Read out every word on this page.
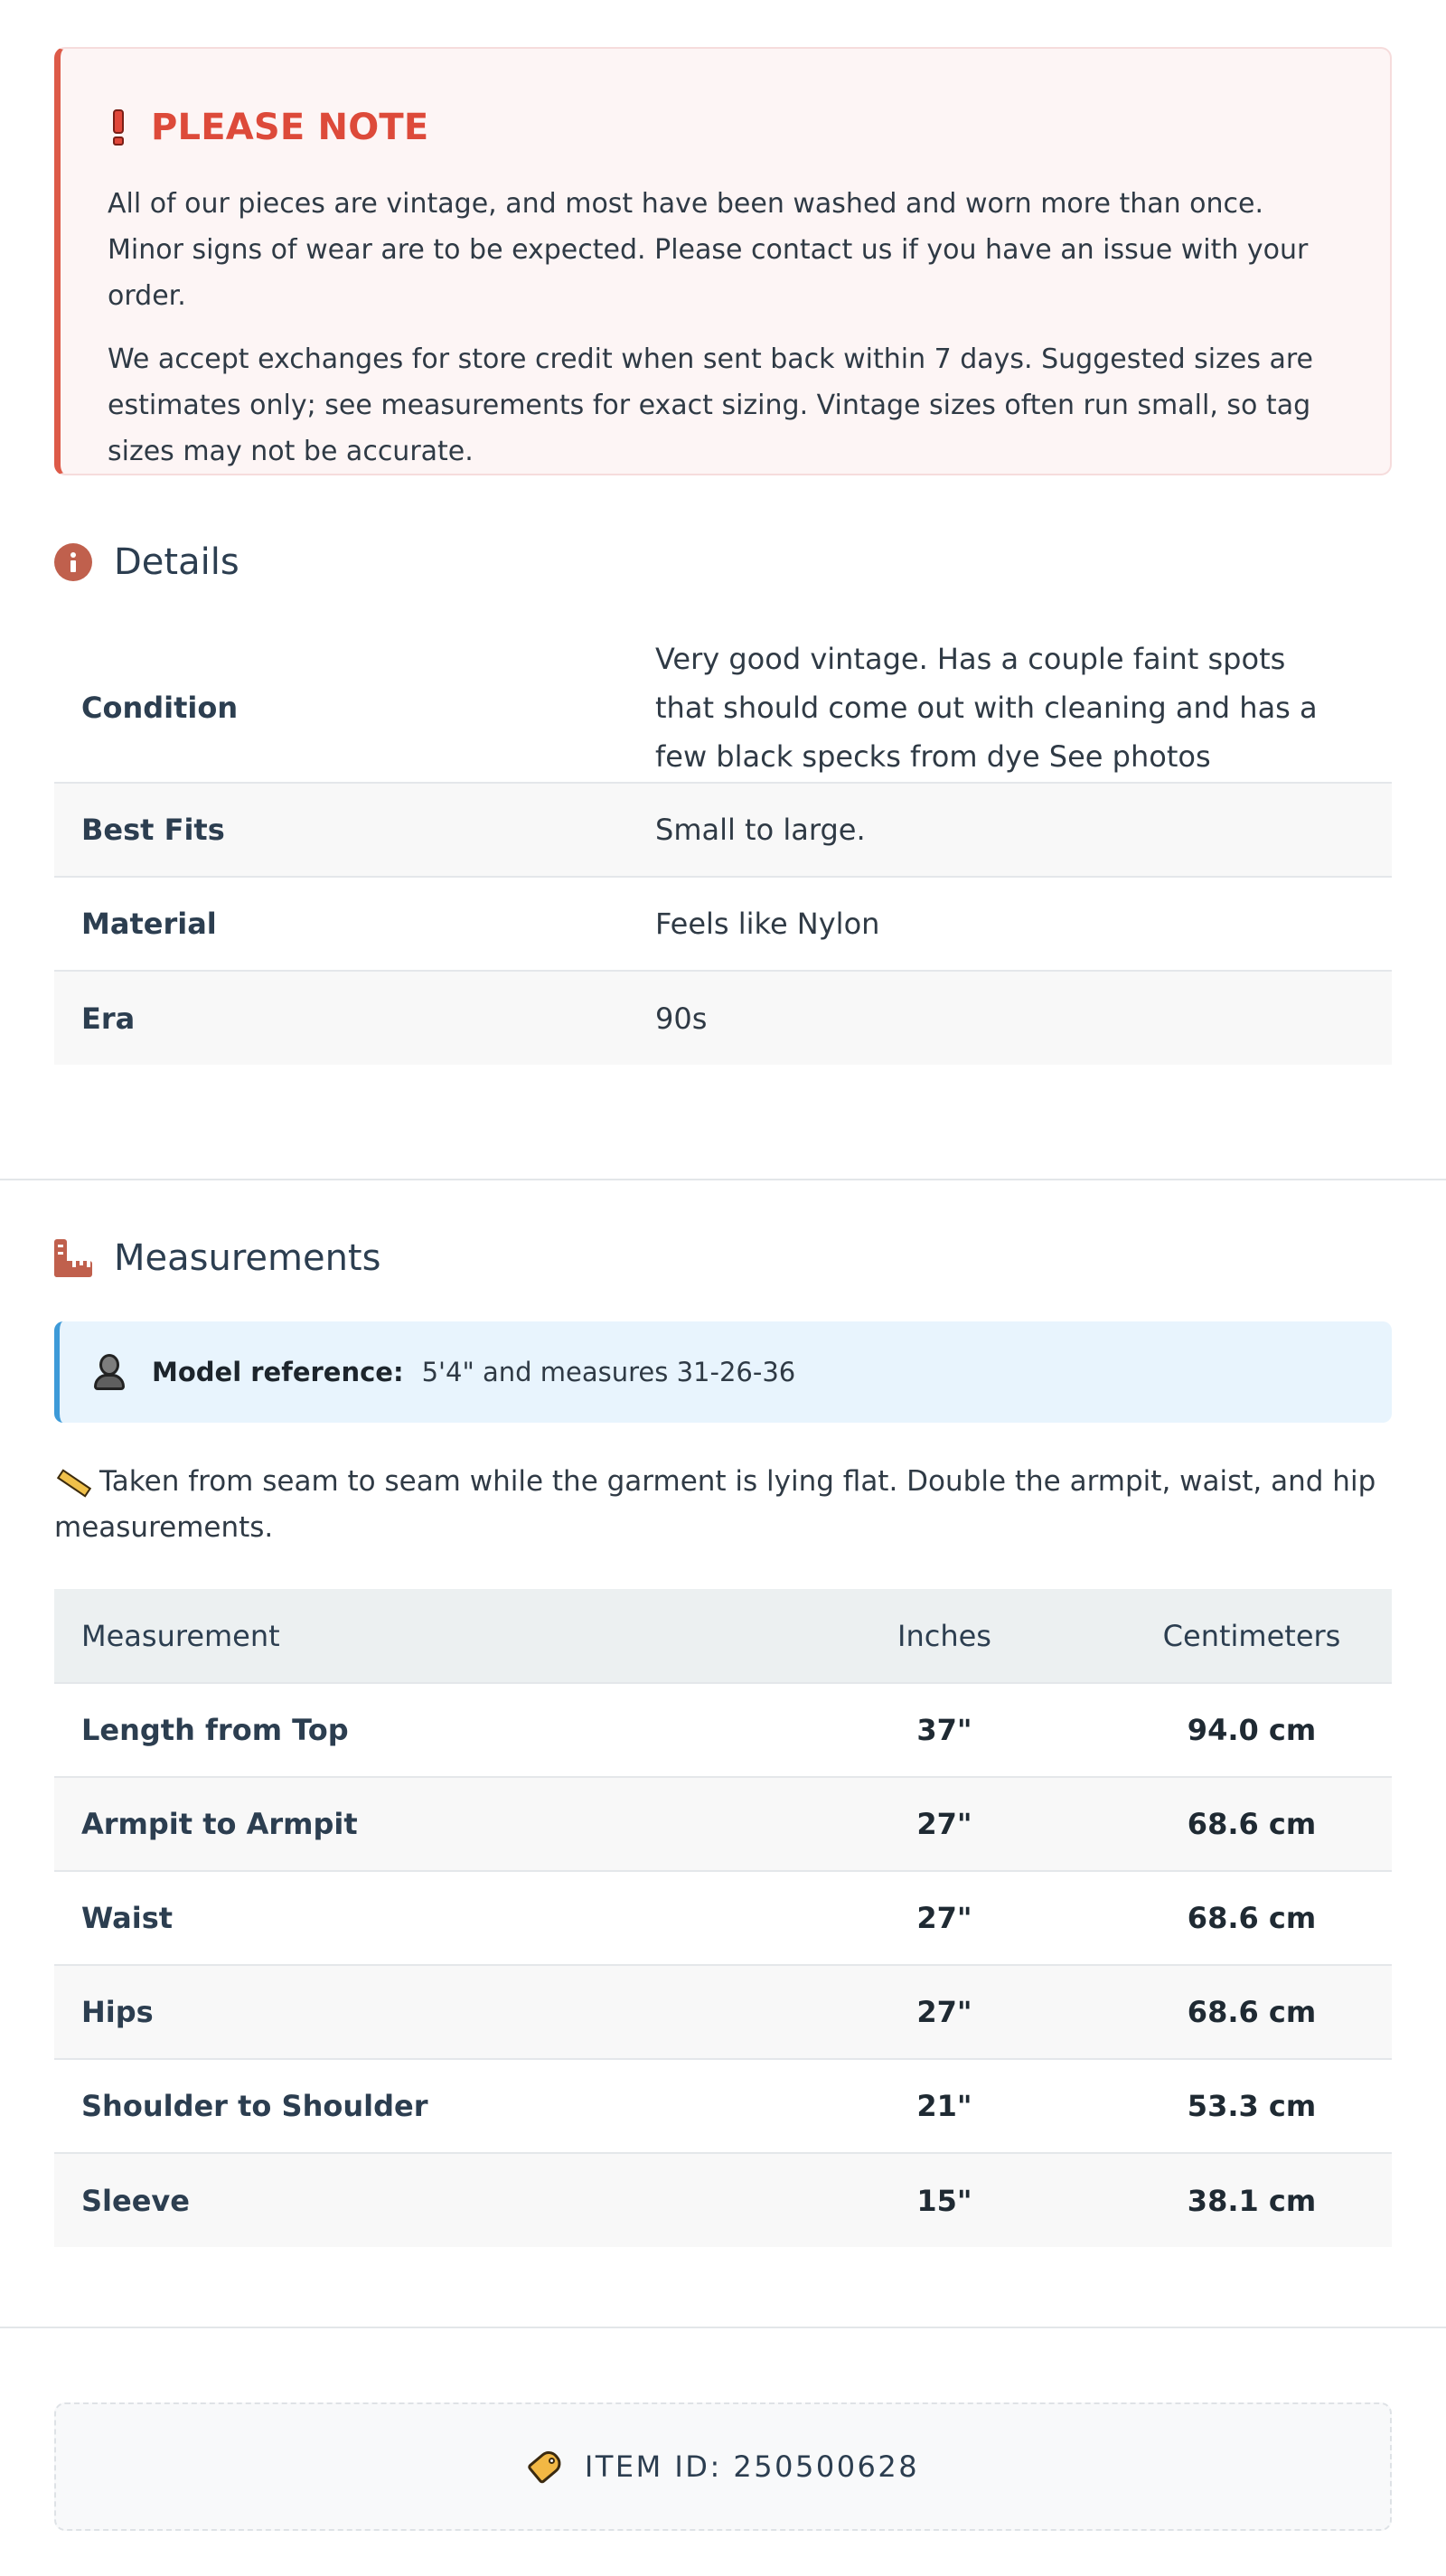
PLEASE NOTE

All of our pieces are vintage, and most have been washed and worn more than once. Minor signs of wear are to be expected. Please contact us if you have an issue with your order.

We accept exchanges for store credit when sent back within 7 days. Suggested sizes are estimates only; see measurements for exact sizing. Vintage sizes often run small, so tag sizes may not be accurate.

Details
Condition	Very good vintage. Has a couple faint spots that should come out with cleaning and has a few black specks from dye See photos
Best Fits	Small to large.
Material	Feels like Nylon
Era	90s
Measurements
Model reference: 5'4" and measures 31-26-36
Taken from seam to seam while the garment is lying flat. Double the armpit, waist, and hip measurements.
Measurement	Inches	Centimeters
Length from Top	37"	94.0 cm
Armpit to Armpit	27"	68.6 cm
Waist	27"	68.6 cm
Hips	27"	68.6 cm
Shoulder to Shoulder	21"	53.3 cm
Sleeve	15"	38.1 cm
ITEM ID: 250500628
